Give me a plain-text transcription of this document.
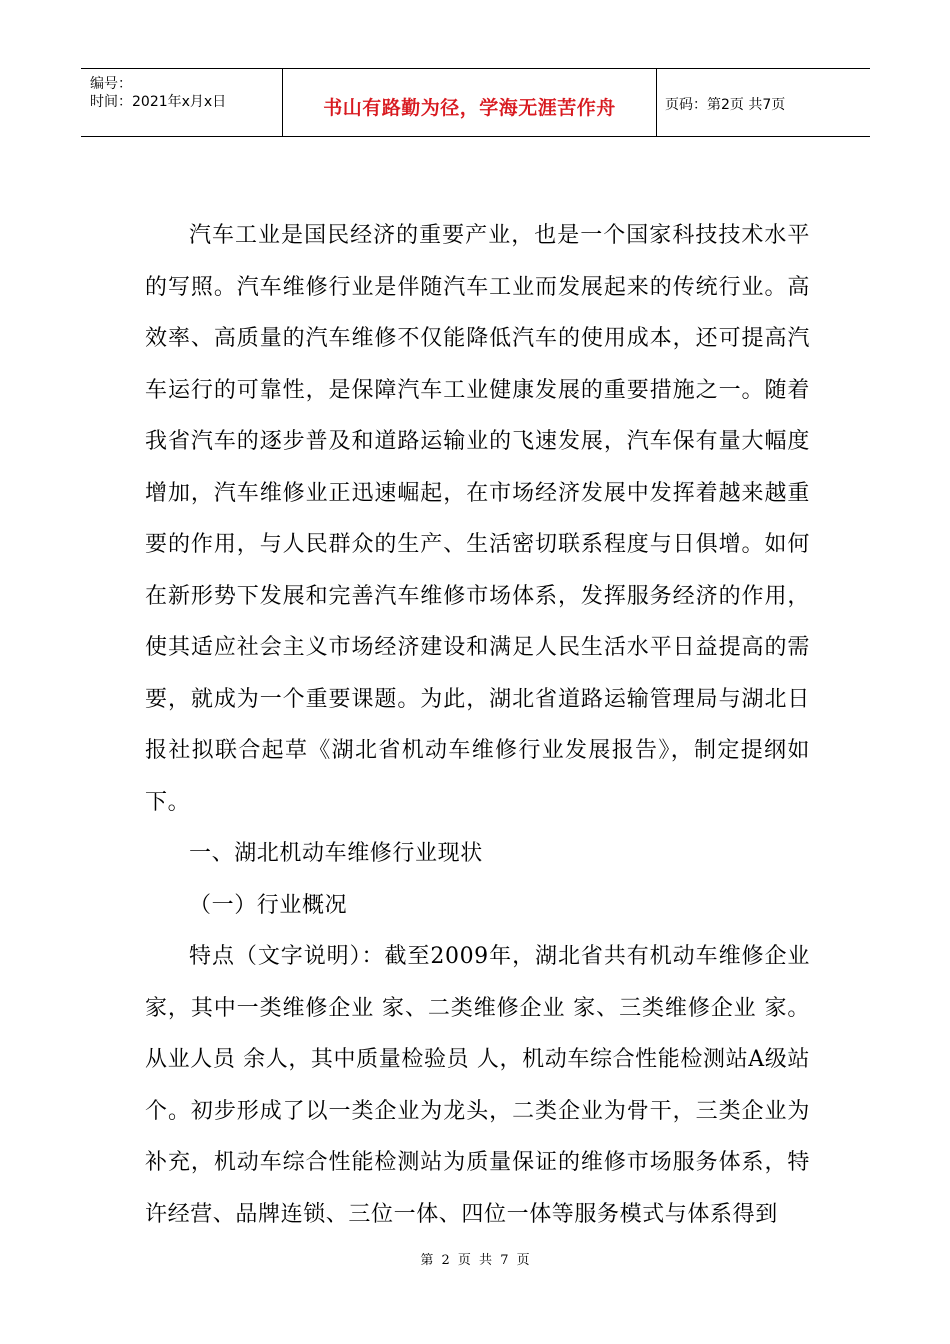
编号：
时间：2021年x月x日	书山有路勤为径，学海无涯苦作舟	页码：第2页 共7页

汽车工业是国民经济的重要产业，也是一个国家科技技术水平的写照。汽车维修行业是伴随汽车工业而发展起来的传统行业。高效率、高质量的汽车维修不仅能降低汽车的使用成本，还可提高汽车运行的可靠性，是保障汽车工业健康发展的重要措施之一。随着我省汽车的逐步普及和道路运输业的飞速发展，汽车保有量大幅度增加，汽车维修业正迅速崛起，在市场经济发展中发挥着越来越重要的作用，与人民群众的生产、生活密切联系程度与日俱增。如何在新形势下发展和完善汽车维修市场体系，发挥服务经济的作用，使其适应社会主义市场经济建设和满足人民生活水平日益提高的需要，就成为一个重要课题。为此，湖北省道路运输管理局与湖北日报社拟联合起草《湖北省机动车维修行业发展报告》，制定提纲如下。

一、湖北机动车维修行业现状

（一）行业概况

特点（文字说明）：截至2009年，湖北省共有机动车维修企业 家，其中一类维修企业 家、二类维修企业 家、三类维修企业 家。从业人员 余人，其中质量检验员 人，机动车综合性能检测站A级站 个。初步形成了以一类企业为龙头，二类企业为骨干，三类企业为补充，机动车综合性能检测站为质量保证的维修市场服务体系，特许经营、品牌连锁、三位一体、四位一体等服务模式与体系得到

第 2 页 共 7 页
